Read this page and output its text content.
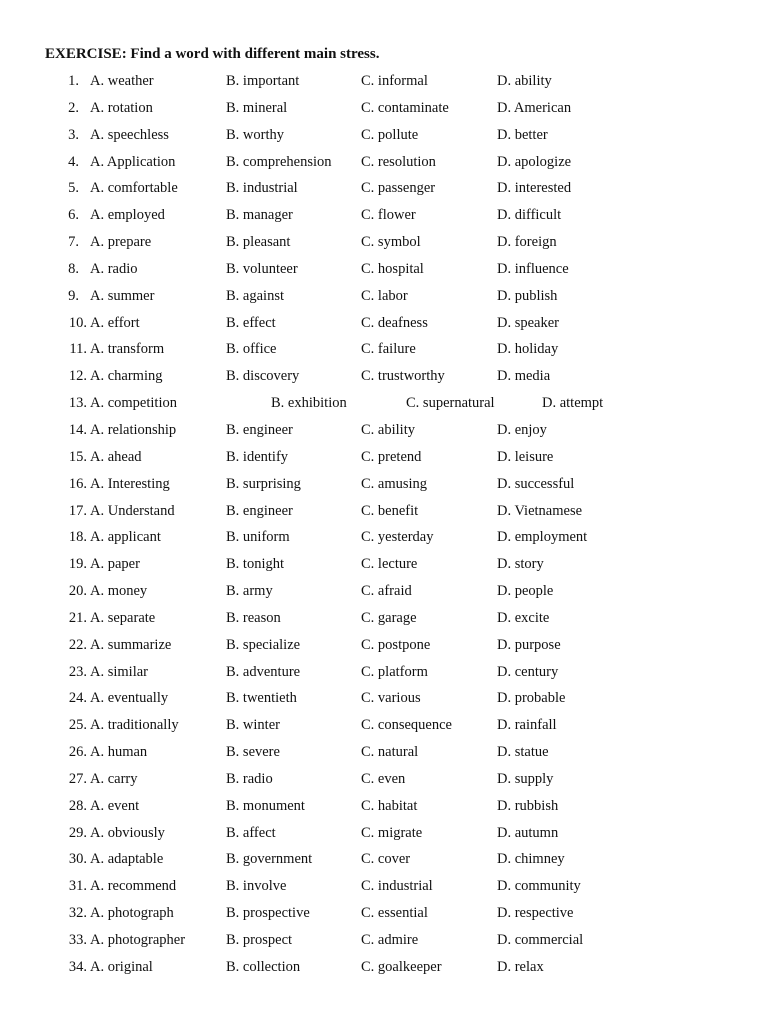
EXERCISE: Find a word with different main stress.
1. A. weather	B. important	C. informal	D. ability
2. A. rotation	B. mineral	C. contaminate	D. American
3. A. speechless	B. worthy	C. pollute	D. better
4. A. Application	B. comprehension C. resolution	D. apologize
5. A. comfortable	B. industrial	C. passenger	D. interested
6. A. employed	B. manager	C. flower	D. difficult
7. A. prepare	B. pleasant	C. symbol	D. foreign
8. A. radio	B. volunteer	C. hospital	D. influence
9. A. summer	B. against	C. labor	D. publish
10. A. effort	B. effect	C. deafness	D. speaker
11. A. transform	B. office	C. failure	D. holiday
12. A. charming	B. discovery	C. trustworthy	D. media
13. A. competition	B. exhibition	C. supernatural	D. attempt
14. A. relationship	B. engineer	C. ability	D. enjoy
15. A. ahead	B. identify	C. pretend	D. leisure
16. A. Interesting	B. surprising	C. amusing	D. successful
17. A. Understand	B. engineer	C. benefit	D. Vietnamese
18. A. applicant	B. uniform	C. yesterday	D. employment
19. A. paper	B. tonight	C. lecture	D. story
20. A. money	B. army	C. afraid	D. people
21. A. separate	B. reason	C. garage	D. excite
22. A. summarize	B. specialize	C. postpone	D. purpose
23. A. similar	B. adventure	C. platform	D. century
24. A. eventually	B. twentieth	C. various	D. probable
25. A. traditionally	B. winter	C. consequence	D. rainfall
26. A. human	B. severe	C. natural	D. statue
27. A. carry	B. radio	C. even	D. supply
28. A. event	B. monument	C. habitat	D. rubbish
29. A. obviously	B. affect	C. migrate	D. autumn
30. A. adaptable	B. government	C. cover	D. chimney
31. A. recommend	B. involve	C. industrial	D. community
32. A. photograph	B. prospective	C. essential	D. respective
33. A. photographer	B. prospect	C. admire	D. commercial
34. A. original	B. collection	C. goalkeeper	D. relax
